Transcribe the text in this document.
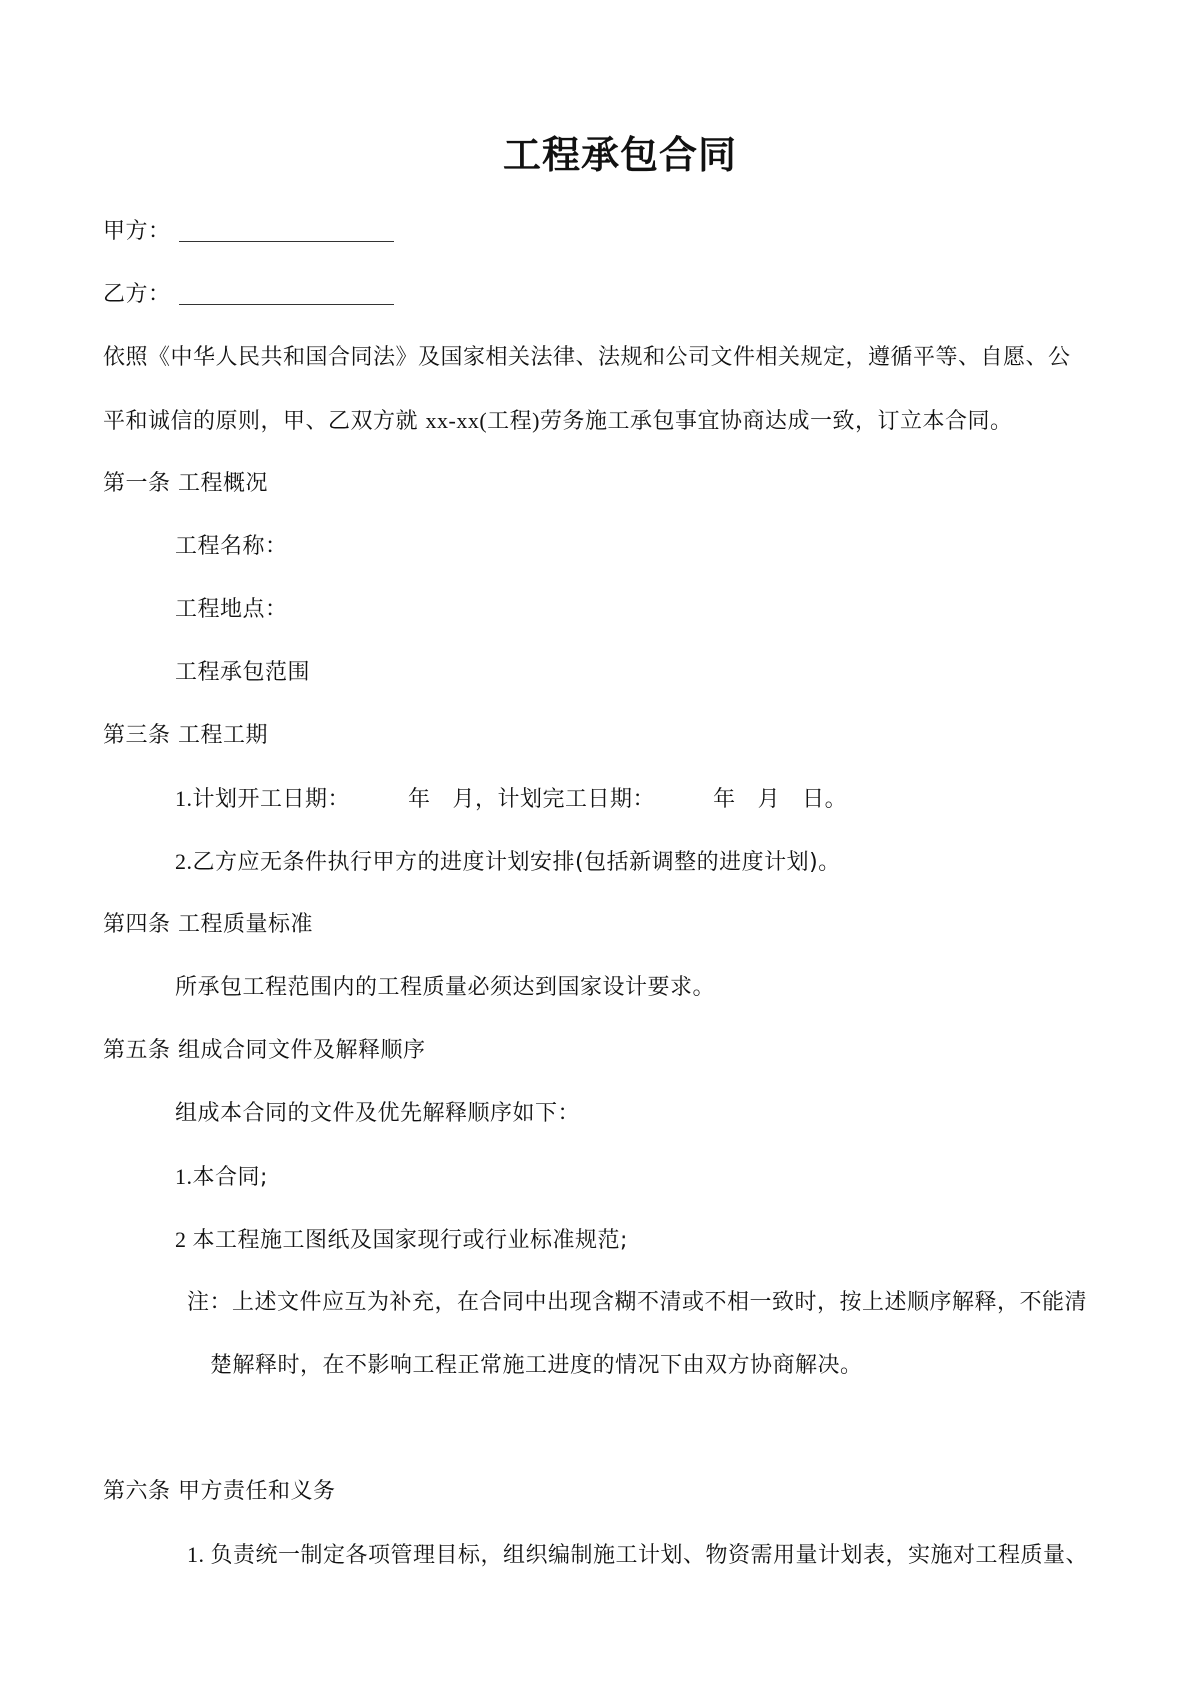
工程承包合同
甲方：
乙方：
依照《中华人民共和国合同法》及国家相关法律、法规和公司文件相关规定，遵循平等、自愿、公
平和诚信的原则，甲、乙双方就 xx-xx(工程)劳务施工承包事宜协商达成一致，订立本合同。
第一条 工程概况
工程名称：
工程地点：
工程承包范围
第三条 工程工期
1.计划开工日期：	年 月，计划完工日期：	年 月 日。
2.乙方应无条件执行甲方的进度计划安排(包括新调整的进度计划)。
第四条 工程质量标准
所承包工程范围内的工程质量必须达到国家设计要求。
第五条 组成合同文件及解释顺序
组成本合同的文件及优先解释顺序如下：
1.本合同;
2 本工程施工图纸及国家现行或行业标准规范;
注：上述文件应互为补充，在合同中出现含糊不清或不相一致时，按上述顺序解释，不能清
楚解释时，在不影响工程正常施工进度的情况下由双方协商解决。
第六条 甲方责任和义务
1. 负责统一制定各项管理目标，组织编制施工计划、物资需用量计划表，实施对工程质量、
